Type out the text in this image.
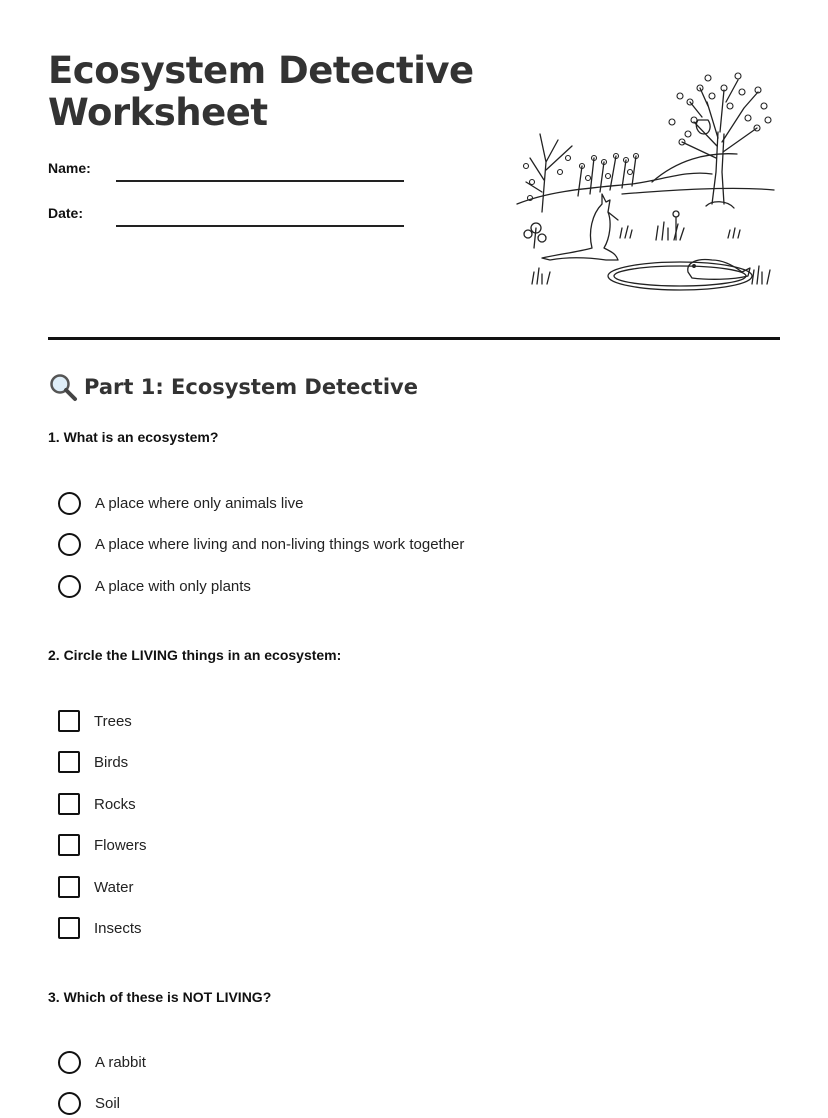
Ecosystem Detective Worksheet
Name:
Date:
Part 1: Ecosystem Detective

1. What is an ecosystem?

A place where only animals live
A place where living and non-living things work together
A place with only plants

2. Circle the LIVING things in an ecosystem:

Trees
Birds
Rocks
Flowers
Water
Insects

3. Which of these is NOT LIVING?

A rabbit
Soil
